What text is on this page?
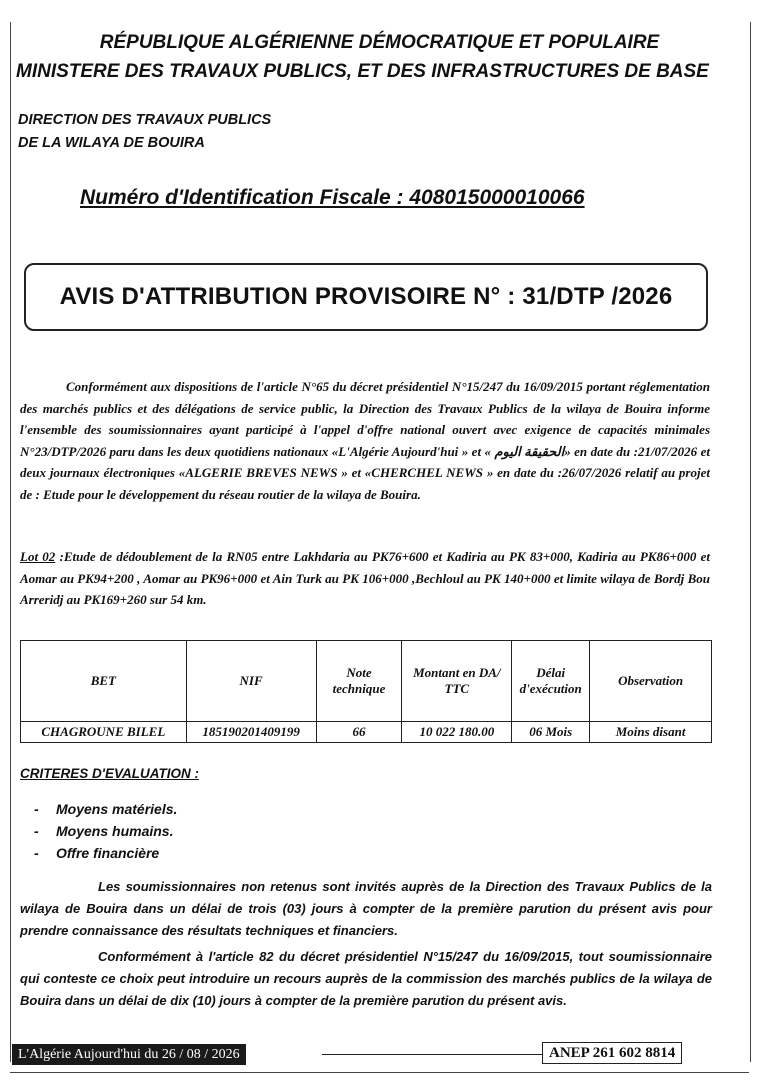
RÉPUBLIQUE ALGÉRIENNE DÉMOCRATIQUE ET POPULAIRE
MINISTERE DES TRAVAUX PUBLICS, ET DES INFRASTRUCTURES DE BASE
DIRECTION DES TRAVAUX PUBLICS
DE LA WILAYA DE BOUIRA
Numéro d'Identification Fiscale : 408015000010066
AVIS D'ATTRIBUTION PROVISOIRE N° : 31/DTP /2026
Conformément aux dispositions de l'article N°65 du décret présidentiel N°15/247 du 16/09/2015 portant réglementation des marchés publics et des délégations de service public, la Direction des Travaux Publics de la wilaya de Bouira informe l'ensemble des soumissionnaires ayant participé à l'appel d'offre national ouvert avec exigence de capacités minimales N°23/DTP/2026 paru dans les deux quotidiens nationaux «L'Algérie Aujourd'hui » et « الحقيقة اليوم» en date du :21/07/2026 et deux journaux électroniques «ALGERIE BREVES NEWS » et «CHERCHEL NEWS » en date du :26/07/2026 relatif au projet de : Etude pour le développement du réseau routier de la wilaya de Bouira.
Lot 02 :Etude de dédoublement de la RN05 entre Lakhdaria au PK76+600 et Kadiria au PK 83+000, Kadiria au PK86+000 et Aomar au PK94+200 , Aomar au PK96+000 et Ain Turk au PK 106+000 ,Bechloul au PK 140+000 et limite wilaya de Bordj Bou Arreridj au PK169+260 sur 54 km.
BET	NIF	Note technique	Montant en DA/ TTC	Délai d'exécution	Observation
CHAGROUNE BILEL	185190201409199	66	10 022 180.00	06 Mois	Moins disant
CRITERES D'EVALUATION :
- Moyens matériels.
- Moyens humains.
- Offre financière
Les soumissionnaires non retenus sont invités auprès de la Direction des Travaux Publics de la wilaya de Bouira dans un délai de trois (03) jours à compter de la première parution du présent avis pour prendre connaissance des résultats techniques et financiers.
Conformément à l'article 82 du décret présidentiel N°15/247 du 16/09/2015, tout soumissionnaire qui conteste ce choix peut introduire un recours auprès de la commission des marchés publics de la wilaya de Bouira dans un délai de dix (10) jours à compter de la première parution du présent avis.
L'Algérie Aujourd'hui du 26 / 08 / 2026	ANEP 261 602 8814
